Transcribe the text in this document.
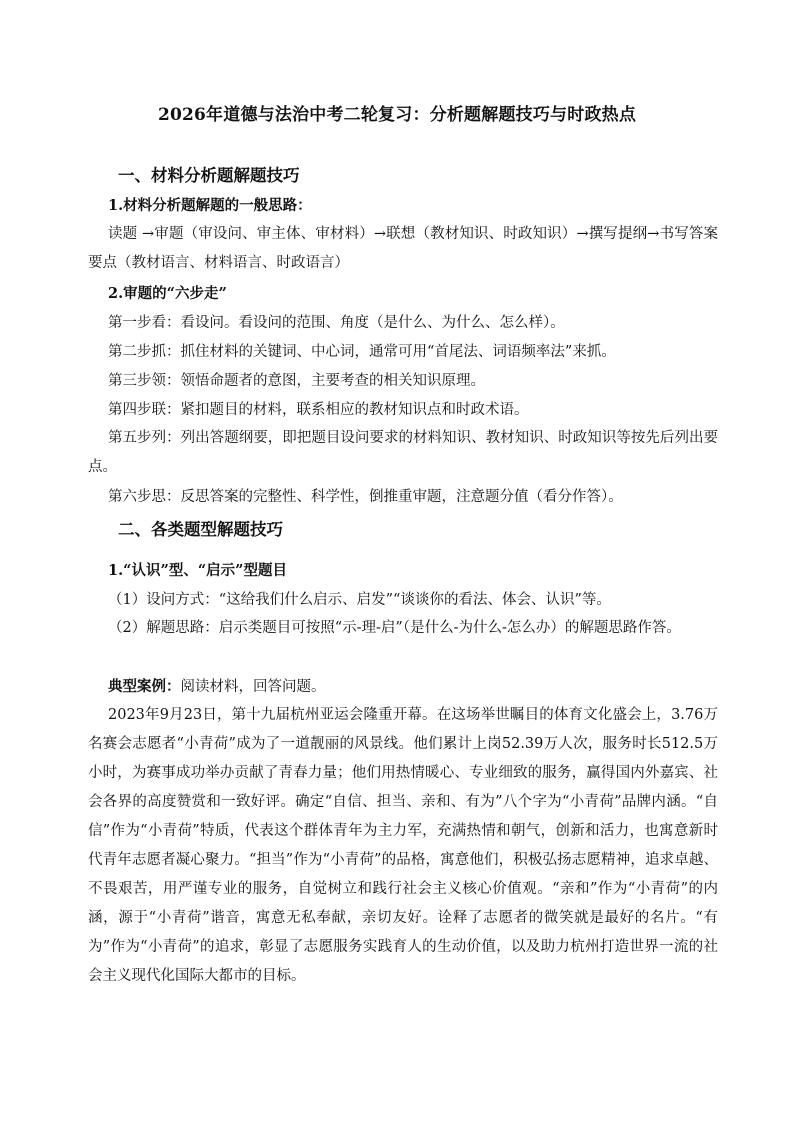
2026年道德与法治中考二轮复习：分析题解题技巧与时政热点
一、材料分析题解题技巧
1.材料分析题解题的一般思路：
读题 →审题（审设问、审主体、审材料）→联想（教材知识、时政知识）→撰写提纲→书写答案要点（教材语言、材料语言、时政语言）
2.审题的“六步走”
第一步看：看设问。看设问的范围、角度（是什么、为什么、怎么样）。
第二步抓：抓住材料的关键词、中心词，通常可用“首尾法、词语频率法”来抓。
第三步领：领悟命题者的意图，主要考查的相关知识原理。
第四步联：紧扣题目的材料，联系相应的教材知识点和时政术语。
第五步列：列出答题纲要，即把题目设问要求的材料知识、教材知识、时政知识等按先后列出要点。
第六步思：反思答案的完整性、科学性，倒推重审题，注意题分值（看分作答）。
二、各类题型解题技巧
1.“认识”型、“启示”型题目
（1）设问方式：“这给我们什么启示、启发”“谈谈你的看法、体会、认识”等。
（2）解题思路：启示类题目可按照“示-理-启”（是什么-为什么-怎么办）的解题思路作答。
典型案例：阅读材料，回答问题。
2023年9月23日，第十九届杭州亚运会隆重开幕。在这场举世瞩目的体育文化盛会上，3.76万名赛会志愿者“小青荷”成为了一道靓丽的风景线。他们累计上岗52.39万人次，服务时长512.5万小时，为赛事成功举办贡献了青春力量；他们用热情暖心、专业细致的服务，赢得国内外嘉宾、社会各界的高度赞赏和一致好评。确定“自信、担当、亲和、有为”八个字为“小青荷”品牌内涵。“自信”作为“小青荷”特质，代表这个群体青年为主力军，充满热情和朝气，创新和活力，也寓意新时代青年志愿者凝心聚力。“担当”作为“小青荷”的品格，寓意他们，积极弘扬志愿精神，追求卓越、不畏艰苦，用严谨专业的服务，自觉树立和践行社会主义核心价值观。“亲和”作为“小青荷”的内涵，源于“小青荷”谐音，寓意无私奉献，亲切友好。诠释了志愿者的微笑就是最好的名片。“有为”作为“小青荷”的追求，彰显了志愿服务实践育人的生动价值，以及助力杭州打造世界一流的社会主义现代化国际大都市的目标。
